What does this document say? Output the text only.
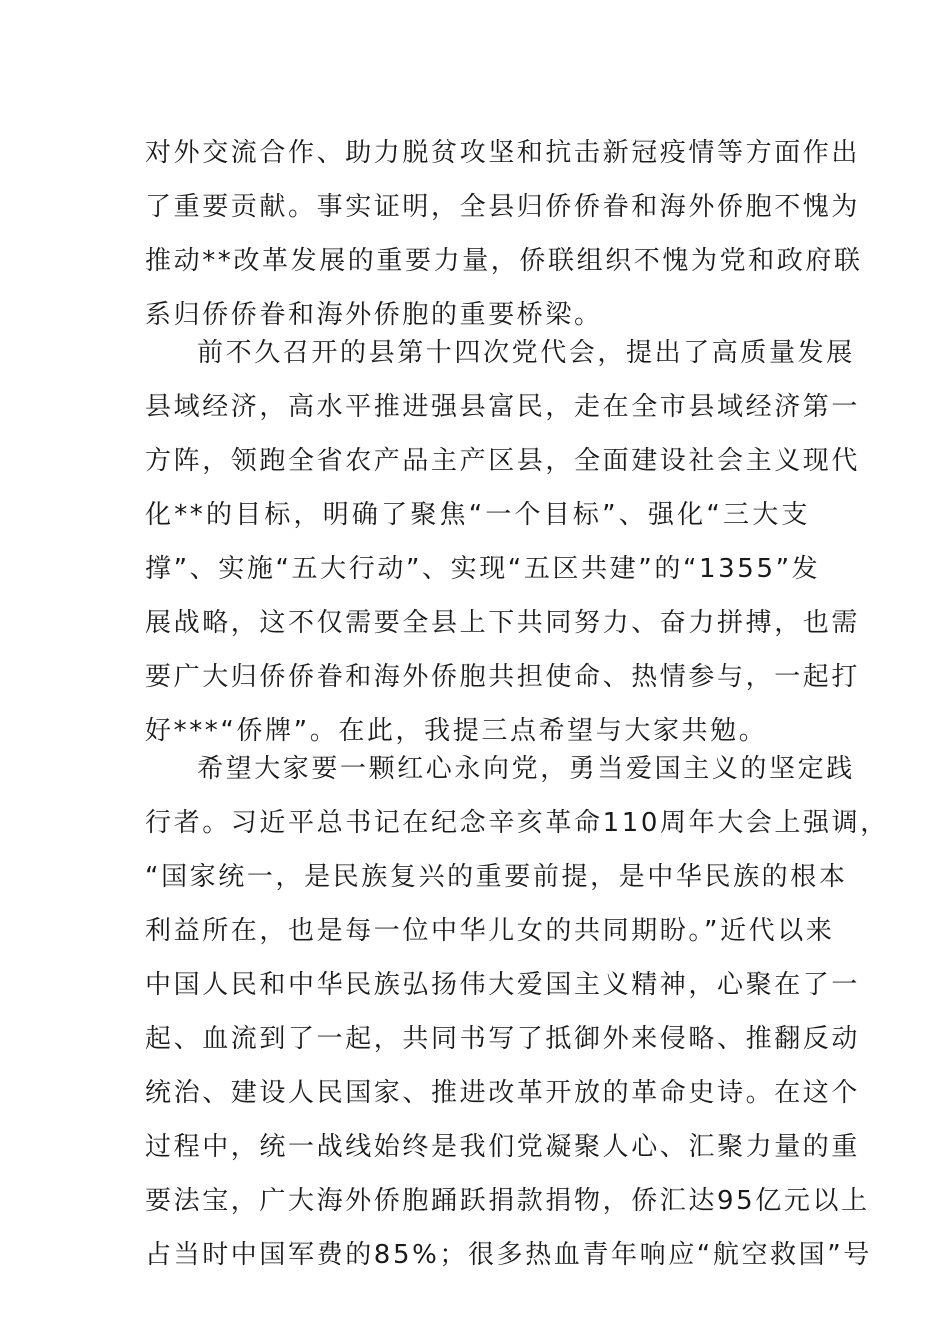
对外交流合作、助力脱贫攻坚和抗击新冠疫情等方面作出
了重要贡献。事实证明，全县归侨侨眷和海外侨胞不愧为
推动**改革发展的重要力量，侨联组织不愧为党和政府联
系归侨侨眷和海外侨胞的重要桥梁。
前不久召开的县第十四次党代会，提出了高质量发展
县域经济，高水平推进强县富民，走在全市县域经济第一
方阵，领跑全省农产品主产区县，全面建设社会主义现代
化**的目标，明确了聚焦“一个目标”、强化“三大支
撑”、实施“五大行动”、实现“五区共建”的“1355”发
展战略，这不仅需要全县上下共同努力、奋力拼搏，也需
要广大归侨侨眷和海外侨胞共担使命、热情参与，一起打
好***“侨牌”。在此，我提三点希望与大家共勉。
希望大家要一颗红心永向党，勇当爱国主义的坚定践
行者。习近平总书记在纪念辛亥革命110周年大会上强调，
“国家统一，是民族复兴的重要前提，是中华民族的根本
利益所在，也是每一位中华儿女的共同期盼。”近代以来
中国人民和中华民族弘扬伟大爱国主义精神，心聚在了一
起、血流到了一起，共同书写了抵御外来侵略、推翻反动
统治、建设人民国家、推进改革开放的革命史诗。在这个
过程中，统一战线始终是我们党凝聚人心、汇聚力量的重
要法宝，广大海外侨胞踊跃捐款捐物，侨汇达95亿元以上
占当时中国军费的85%；很多热血青年响应“航空救国”号
